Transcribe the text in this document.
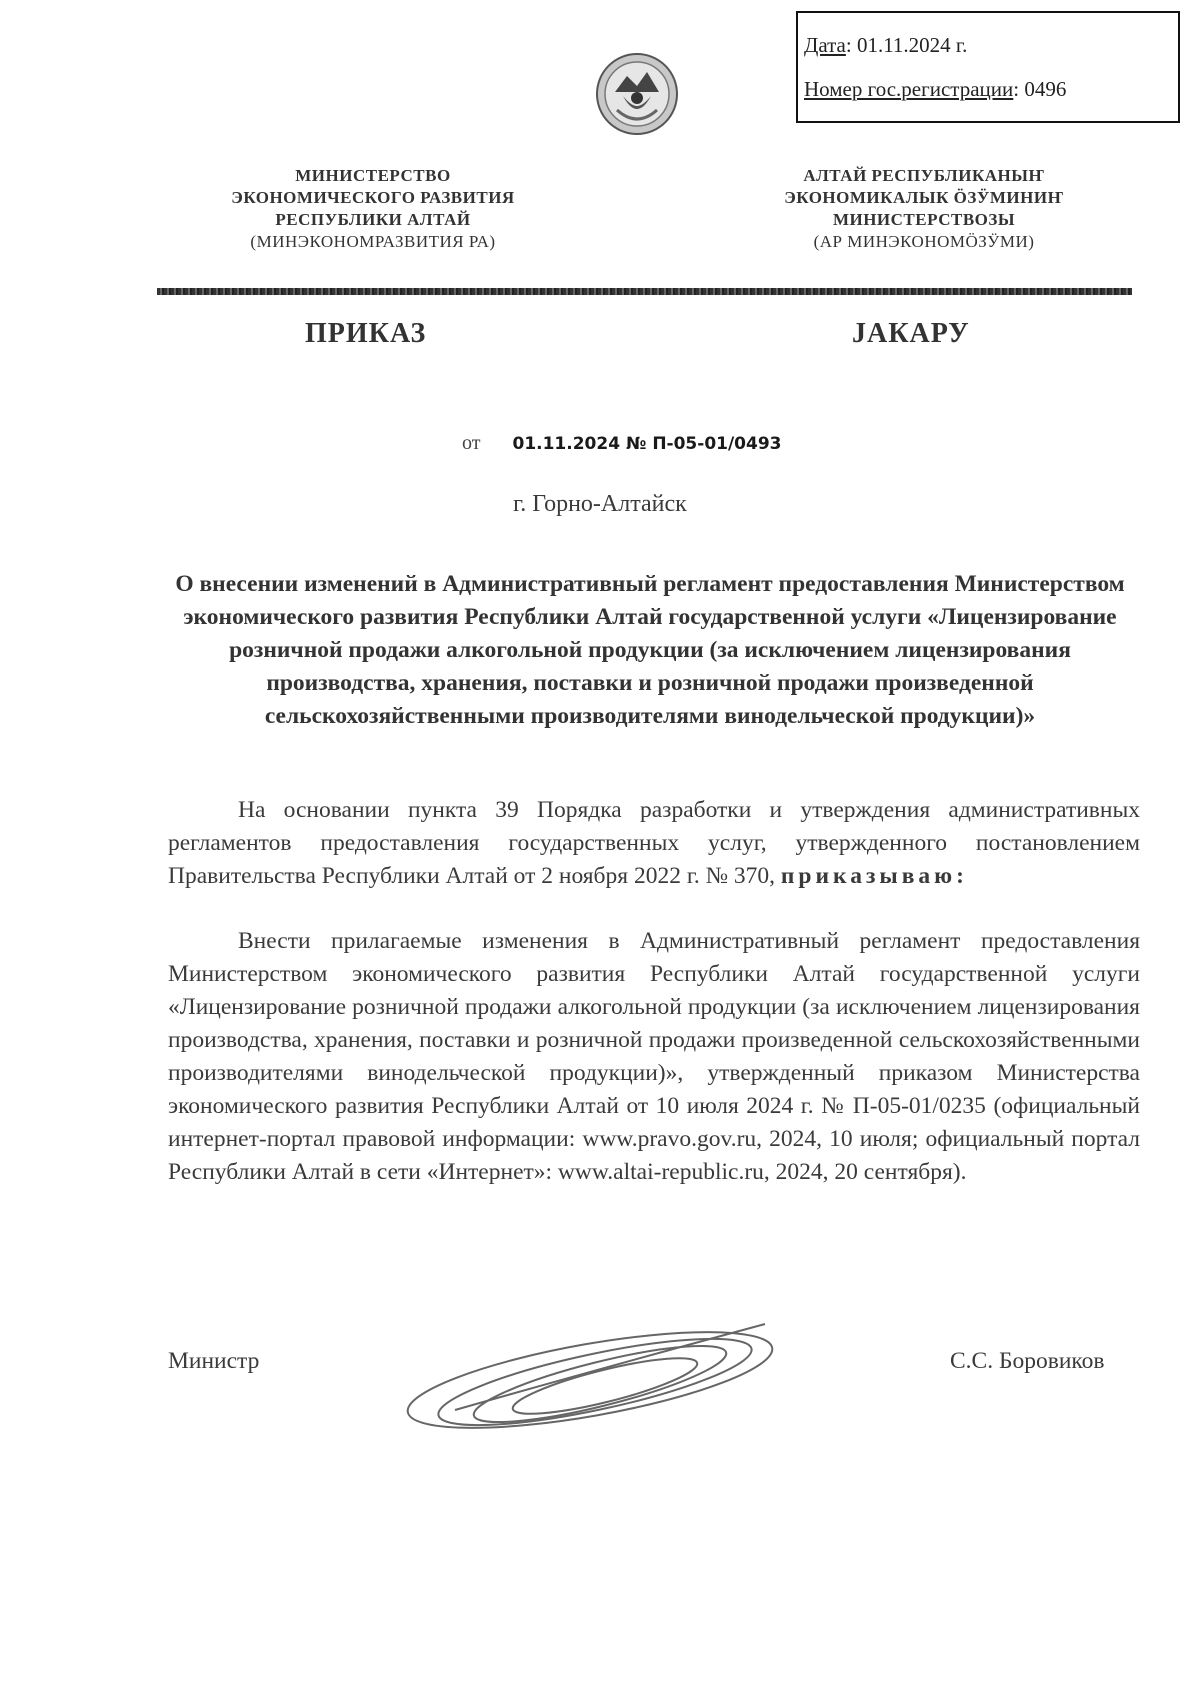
Дата: 01.11.2024 г.
Номер гос.регистрации: 0496
МИНИСТЕРСТВО
ЭКОНОМИЧЕСКОГО РАЗВИТИЯ
РЕСПУБЛИКИ АЛТАЙ
(МИНЭКОНОМРАЗВИТИЯ РА)
АЛТАЙ РЕСПУБЛИКАНЫҤ
ЭКОНОМИКАЛЫК ÖЗӰМИНИҤ
МИНИСТЕРСТВОЗЫ
(АР МИНЭКОНОМÖЗӰМИ)
ПРИКАЗ	JАКАРУ
от 01.11.2024 № П-05-01/0493
г. Горно-Алтайск
О внесении изменений в Административный регламент предоставления Министерством экономического развития Республики Алтай государственной услуги «Лицензирование розничной продажи алкогольной продукции (за исключением лицензирования производства, хранения, поставки и розничной продажи произведенной сельскохозяйственными производителями винодельческой продукции)»

На основании пункта 39 Порядка разработки и утверждения административных регламентов предоставления государственных услуг, утвержденного постановлением Правительства Республики Алтай от 2 ноября 2022 г. № 370, приказываю:

Внести прилагаемые изменения в Административный регламент предоставления Министерством экономического развития Республики Алтай государственной услуги «Лицензирование розничной продажи алкогольной продукции (за исключением лицензирования производства, хранения, поставки и розничной продажи произведенной сельскохозяйственными производителями винодельческой продукции)», утвержденный приказом Министерства экономического развития Республики Алтай от 10 июля 2024 г. № П-05-01/0235 (официальный интернет-портал правовой информации: www.pravo.gov.ru, 2024, 10 июля; официальный портал Республики Алтай в сети «Интернет»: www.altai-republic.ru, 2024, 20 сентября).

Министр	С.С. Боровиков
